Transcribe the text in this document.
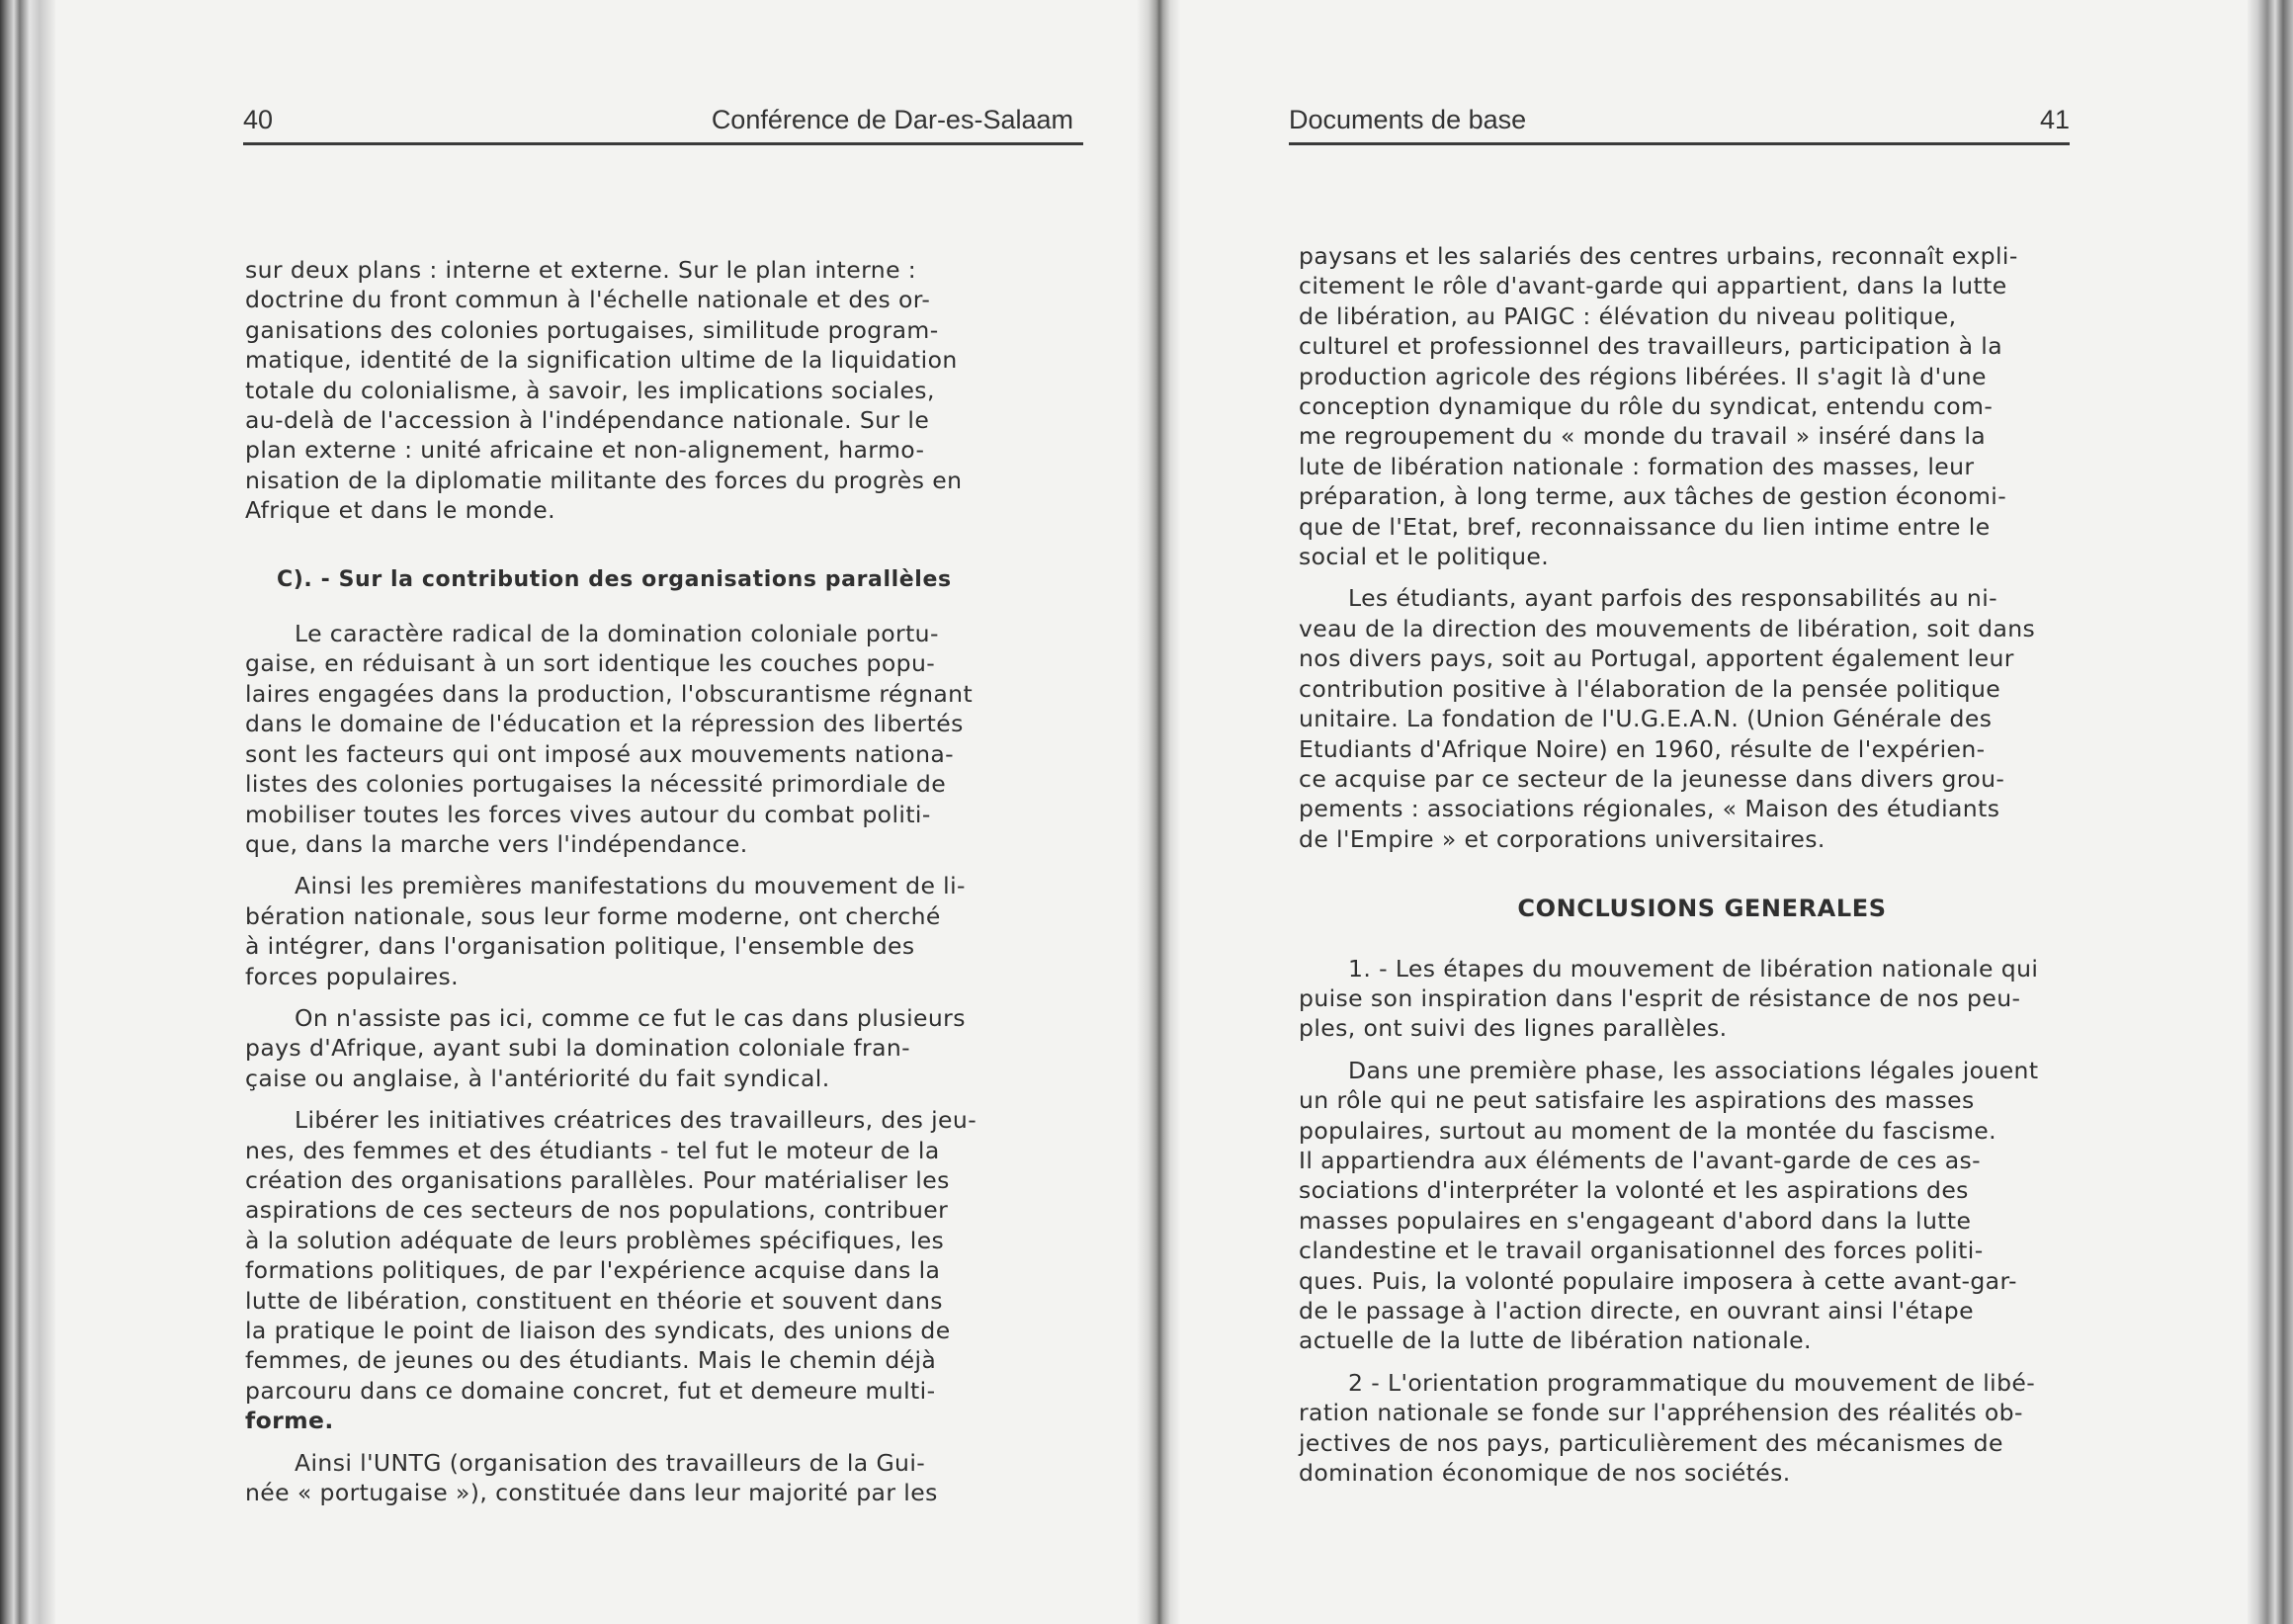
40	Conférence de Dar-es-Salaam
sur deux plans : interne et externe. Sur le plan interne :
doctrine du front commun à l'échelle nationale et des or-
ganisations des colonies portugaises, similitude program-
matique, identité de la signification ultime de la liquidation
totale du colonialisme, à savoir, les implications sociales,
au-delà de l'accession à l'indépendance nationale. Sur le
plan externe : unité africaine et non-alignement, harmo-
nisation de la diplomatie militante des forces du progrès en
Afrique et dans le monde.
C). - Sur la contribution des organisations parallèles
Le caractère radical de la domination coloniale portu-
gaise, en réduisant à un sort identique les couches popu-
laires engagées dans la production, l'obscurantisme régnant
dans le domaine de l'éducation et la répression des libertés
sont les facteurs qui ont imposé aux mouvements nationa-
listes des colonies portugaises la nécessité primordiale de
mobiliser toutes les forces vives autour du combat politi-
que, dans la marche vers l'indépendance.
Ainsi les premières manifestations du mouvement de li-
bération nationale, sous leur forme moderne, ont cherché
à intégrer, dans l'organisation politique, l'ensemble des
forces populaires.
On n'assiste pas ici, comme ce fut le cas dans plusieurs
pays d'Afrique, ayant subi la domination coloniale fran-
çaise ou anglaise, à l'antériorité du fait syndical.
Libérer les initiatives créatrices des travailleurs, des jeu-
nes, des femmes et des étudiants - tel fut le moteur de la
création des organisations parallèles. Pour matérialiser les
aspirations de ces secteurs de nos populations, contribuer
à la solution adéquate de leurs problèmes spécifiques, les
formations politiques, de par l'expérience acquise dans la
lutte de libération, constituent en théorie et souvent dans
la pratique le point de liaison des syndicats, des unions de
femmes, de jeunes ou des étudiants. Mais le chemin déjà
parcouru dans ce domaine concret, fut et demeure multi-
forme.
Ainsi l'UNTG (organisation des travailleurs de la Gui-
née « portugaise »), constituée dans leur majorité par les
Documents de base	41
paysans et les salariés des centres urbains, reconnaît expli-
citement le rôle d'avant-garde qui appartient, dans la lutte
de libération, au PAIGC : élévation du niveau politique,
culturel et professionnel des travailleurs, participation à la
production agricole des régions libérées. Il s'agit là d'une
conception dynamique du rôle du syndicat, entendu com-
me regroupement du « monde du travail » inséré dans la
lute de libération nationale : formation des masses, leur
préparation, à long terme, aux tâches de gestion économi-
que de l'Etat, bref, reconnaissance du lien intime entre le
social et le politique.
Les étudiants, ayant parfois des responsabilités au ni-
veau de la direction des mouvements de libération, soit dans
nos divers pays, soit au Portugal, apportent également leur
contribution positive à l'élaboration de la pensée politique
unitaire. La fondation de l'U.G.E.A.N. (Union Générale des
Etudiants d'Afrique Noire) en 1960, résulte de l'expérien-
ce acquise par ce secteur de la jeunesse dans divers grou-
pements : associations régionales, « Maison des étudiants
de l'Empire » et corporations universitaires.
CONCLUSIONS GENERALES
1. - Les étapes du mouvement de libération nationale qui
puise son inspiration dans l'esprit de résistance de nos peu-
ples, ont suivi des lignes parallèles.
Dans une première phase, les associations légales jouent
un rôle qui ne peut satisfaire les aspirations des masses
populaires, surtout au moment de la montée du fascisme.
Il appartiendra aux éléments de l'avant-garde de ces as-
sociations d'interpréter la volonté et les aspirations des
masses populaires en s'engageant d'abord dans la lutte
clandestine et le travail organisationnel des forces politi-
ques. Puis, la volonté populaire imposera à cette avant-gar-
de le passage à l'action directe, en ouvrant ainsi l'étape
actuelle de la lutte de libération nationale.
2 - L'orientation programmatique du mouvement de libé-
ration nationale se fonde sur l'appréhension des réalités ob-
jectives de nos pays, particulièrement des mécanismes de
domination économique de nos sociétés.
